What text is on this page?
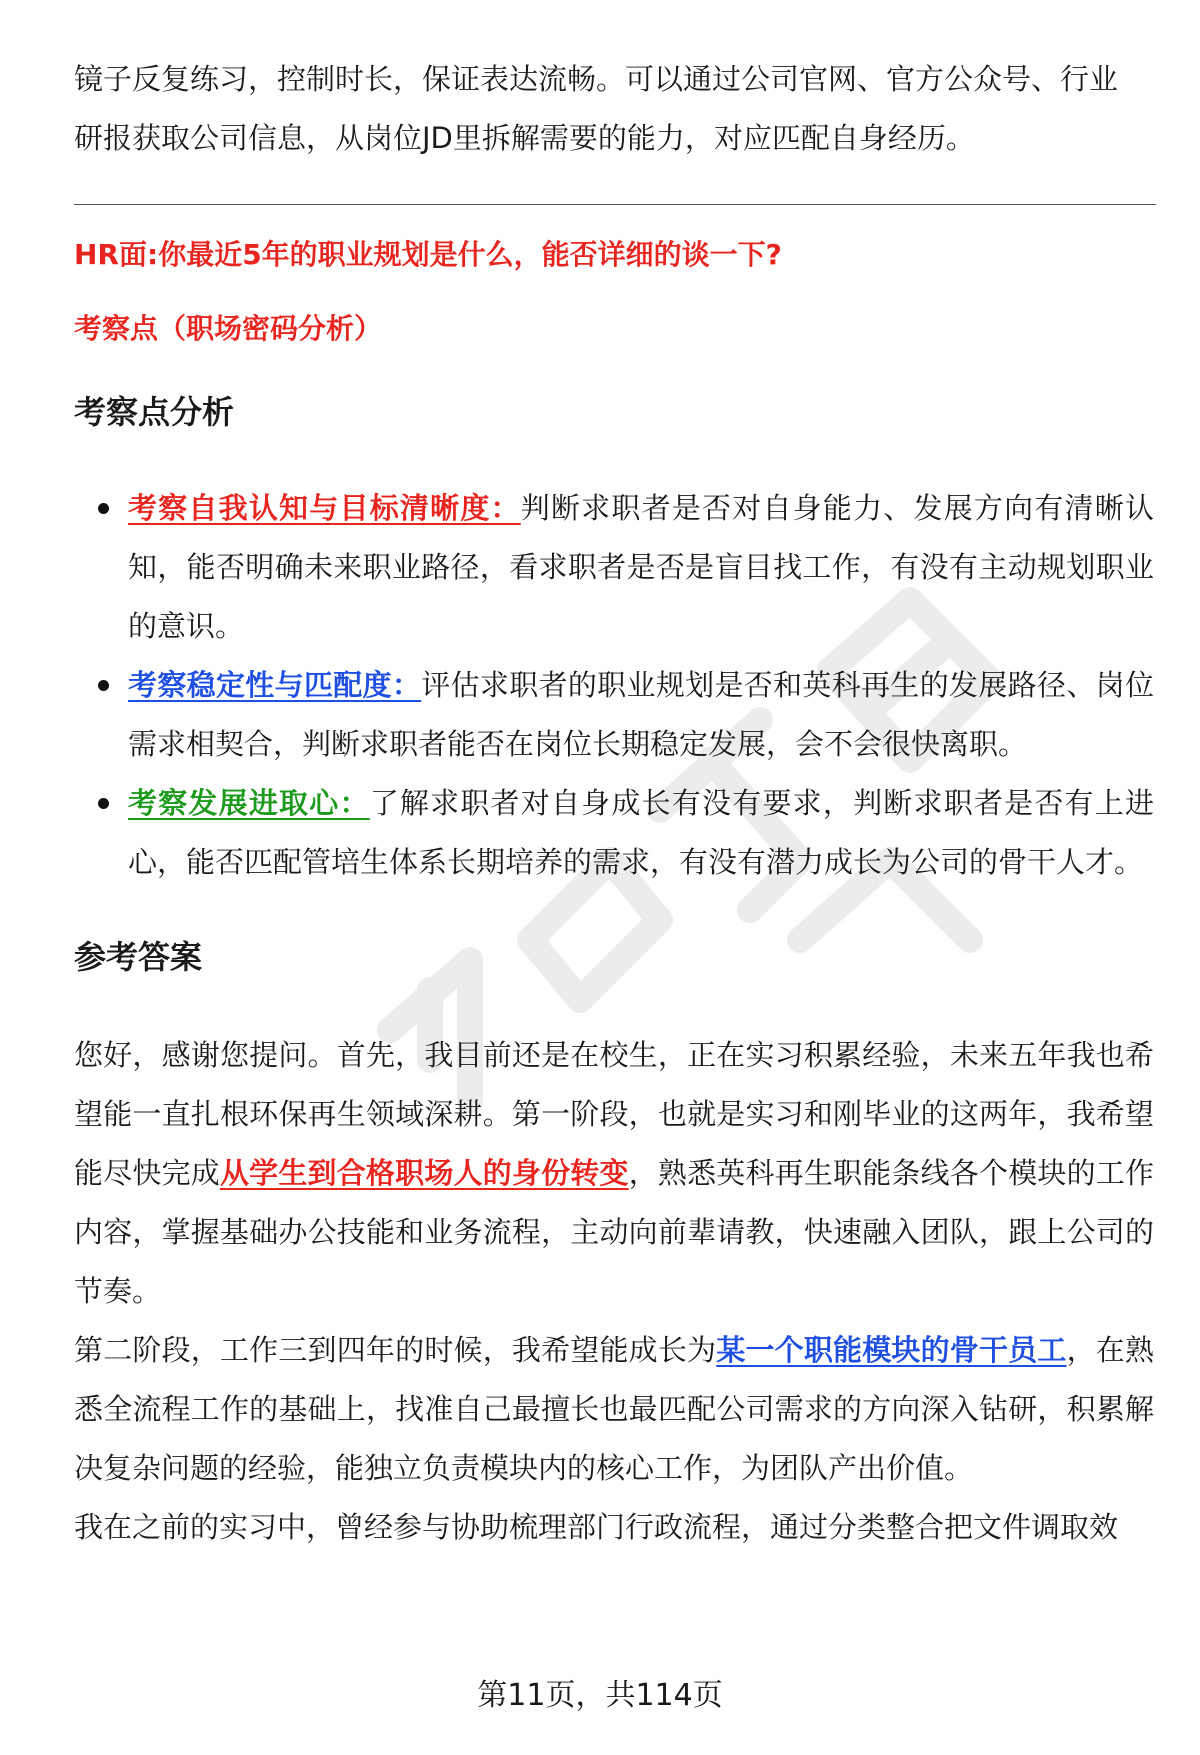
镜子反复练习，控制时长，保证表达流畅。可以通过公司官网、官方公众号、行业
研报获取公司信息，从岗位JD里拆解需要的能力，对应匹配自身经历。

HR面:你最近5年的职业规划是什么，能否详细的谈一下?
考察点（职场密码分析）
考察点分析
考察自我认知与目标清晰度：判断求职者是否对自身能力、发展方向有清晰认知，能否明确未来职业路径，看求职者是否是盲目找工作，有没有主动规划职业的意识。
考察稳定性与匹配度：评估求职者的职业规划是否和英科再生的发展路径、岗位需求相契合，判断求职者能否在岗位长期稳定发展，会不会很快离职。
考察发展进取心：了解求职者对自身成长有没有要求，判断求职者是否有上进心，能否匹配管培生体系长期培养的需求，有没有潜力成长为公司的骨干人才。
参考答案

您好，感谢您提问。首先，我目前还是在校生，正在实习积累经验，未来五年我也希望能一直扎根环保再生领域深耕。第一阶段，也就是实习和刚毕业的这两年，我希望能尽快完成从学生到合格职场人的身份转变，熟悉英科再生职能条线各个模块的工作内容，掌握基础办公技能和业务流程，主动向前辈请教，快速融入团队，跟上公司的节奏。

第二阶段，工作三到四年的时候，我希望能成长为某一个职能模块的骨干员工，在熟悉全流程工作的基础上，找准自己最擅长也最匹配公司需求的方向深入钻研，积累解决复杂问题的经验，能独立负责模块内的核心工作，为团队产出价值。

我在之前的实习中，曾经参与协助梳理部门行政流程，通过分类整合把文件调取效

第11页，共114页
